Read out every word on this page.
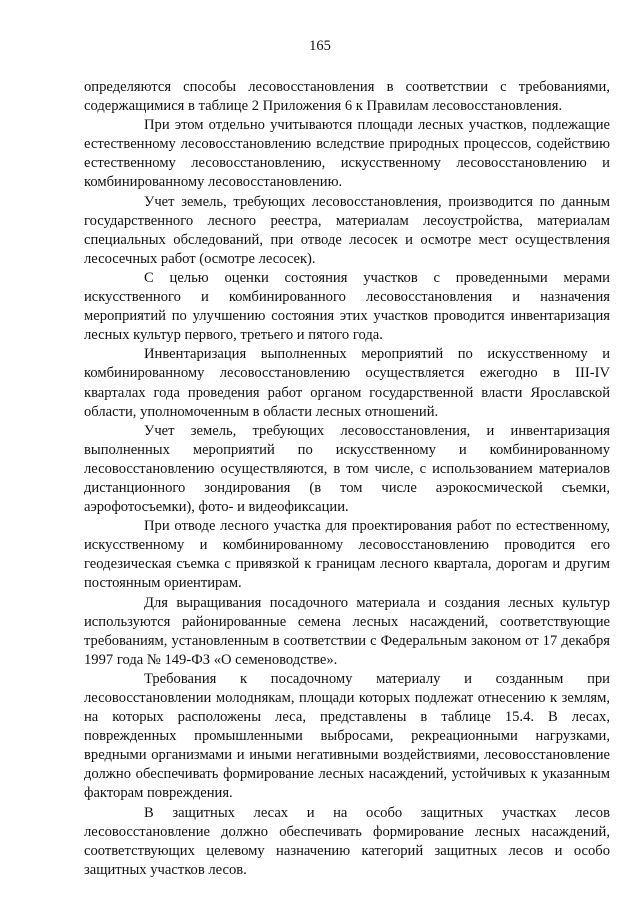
165

определяются способы лесовосстановления в соответствии с требованиями, содержащимися в таблице 2 Приложения 6 к Правилам лесовосстановления.

При этом отдельно учитываются площади лесных участков, подлежащие естественному лесовосстановлению вследствие природных процессов, содействию естественному лесовосстановлению, искусственному лесовосстановлению и комбинированному лесовосстановлению.

Учет земель, требующих лесовосстановления, производится по данным государственного лесного реестра, материалам лесоустройства, материалам специальных обследований, при отводе лесосек и осмотре мест осуществления лесосечных работ (осмотре лесосек).

С целью оценки состояния участков с проведенными мерами искусственного и комбинированного лесовосстановления и назначения мероприятий по улучшению состояния этих участков проводится инвентаризация лесных культур первого, третьего и пятого года.

Инвентаризация выполненных мероприятий по искусственному и комбинированному лесовосстановлению осуществляется ежегодно в III-IV кварталах года проведения работ органом государственной власти Ярославской области, уполномоченным в области лесных отношений.

Учет земель, требующих лесовосстановления, и инвентаризация выполненных мероприятий по искусственному и комбинированному лесовосстановлению осуществляются, в том числе, с использованием материалов дистанционного зондирования (в том числе аэрокосмической съемки, аэрофотосъемки), фото- и видеофиксации.

При отводе лесного участка для проектирования работ по естественному, искусственному и комбинированному лесовосстановлению проводится его геодезическая съемка с привязкой к границам лесного квартала, дорогам и другим постоянным ориентирам.

Для выращивания посадочного материала и создания лесных культур используются районированные семена лесных насаждений, соответствующие требованиям, установленным в соответствии с Федеральным законом от 17 декабря 1997 года № 149-ФЗ «О семеноводстве».

Требования к посадочному материалу и созданным при лесовосстановлении молоднякам, площади которых подлежат отнесению к землям, на которых расположены леса, представлены в таблице 15.4. В лесах, поврежденных промышленными выбросами, рекреационными нагрузками, вредными организмами и иными негативными воздействиями, лесовосстановление должно обеспечивать формирование лесных насаждений, устойчивых к указанным факторам повреждения.

В защитных лесах и на особо защитных участках лесов лесовосстановление должно обеспечивать формирование лесных насаждений, соответствующих целевому назначению категорий защитных лесов и особо защитных участков лесов.
